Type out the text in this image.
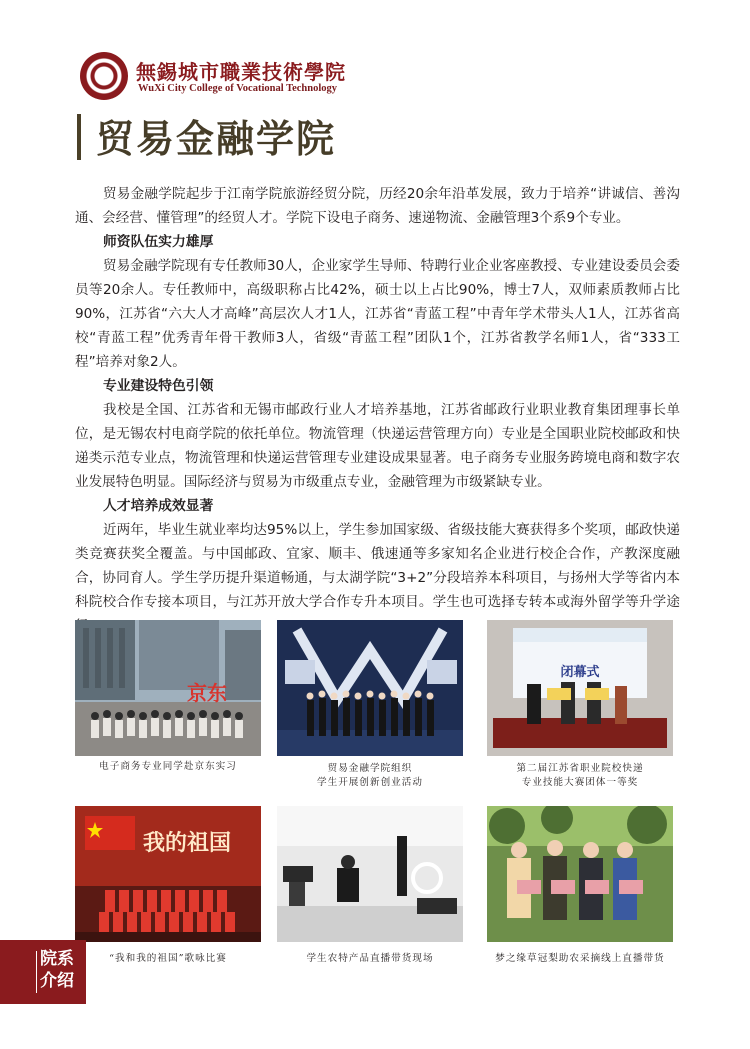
無錫城市職業技術學院
WuXi City College of Vocational Technology
贸易金融学院

贸易金融学院起步于江南学院旅游经贸分院，历经20余年沿革发展，致力于培养“讲诚信、善沟通、会经营、懂管理”的经贸人才。学院下设电子商务、速递物流、金融管理3个系9个专业。

师资队伍实力雄厚

贸易金融学院现有专任教师30人，企业家学生导师、特聘行业企业客座教授、专业建设委员会委员等20余人。专任教师中，高级职称占比42%，硕士以上占比90%，博士7人，双师素质教师占比90%，江苏省“六大人才高峰”高层次人才1人，江苏省“青蓝工程”中青年学术带头人1人，江苏省高校“青蓝工程”优秀青年骨干教师3人，省级“青蓝工程”团队1个，江苏省教学名师1人，省“333工程”培养对象2人。

专业建设特色引领

我校是全国、江苏省和无锡市邮政行业人才培养基地，江苏省邮政行业职业教育集团理事长单位，是无锡农村电商学院的依托单位。物流管理（快递运营管理方向）专业是全国职业院校邮政和快递类示范专业点，物流管理和快递运营管理专业建设成果显著。电子商务专业服务跨境电商和数字农业发展特色明显。国际经济与贸易为市级重点专业，金融管理为市级紧缺专业。

人才培养成效显著

近两年，毕业生就业率均达95%以上，学生参加国家级、省级技能大赛获得多个奖项，邮政快递类竞赛获奖全覆盖。与中国邮政、宜家、顺丰、俄速通等多家知名企业进行校企合作，产教深度融合，协同育人。学生学历提升渠道畅通，与太湖学院“3+2”分段培养本科项目，与扬州大学等省内本科院校合作专接本项目，与江苏开放大学合作专升本项目。学生也可选择专转本或海外留学等升学途

京东
电子商务专业同学赴京东实习	贸易金融学院组织
学生开展创新创业活动
闭幕式
第二届江苏省职业院校快递
专业技能大赛团体一等奖
我的祖国
“我和我的祖国”歌咏比赛	学生农特产品直播带货现场	梦之缘草冠梨助农采摘线上直播带货
院系
介绍
